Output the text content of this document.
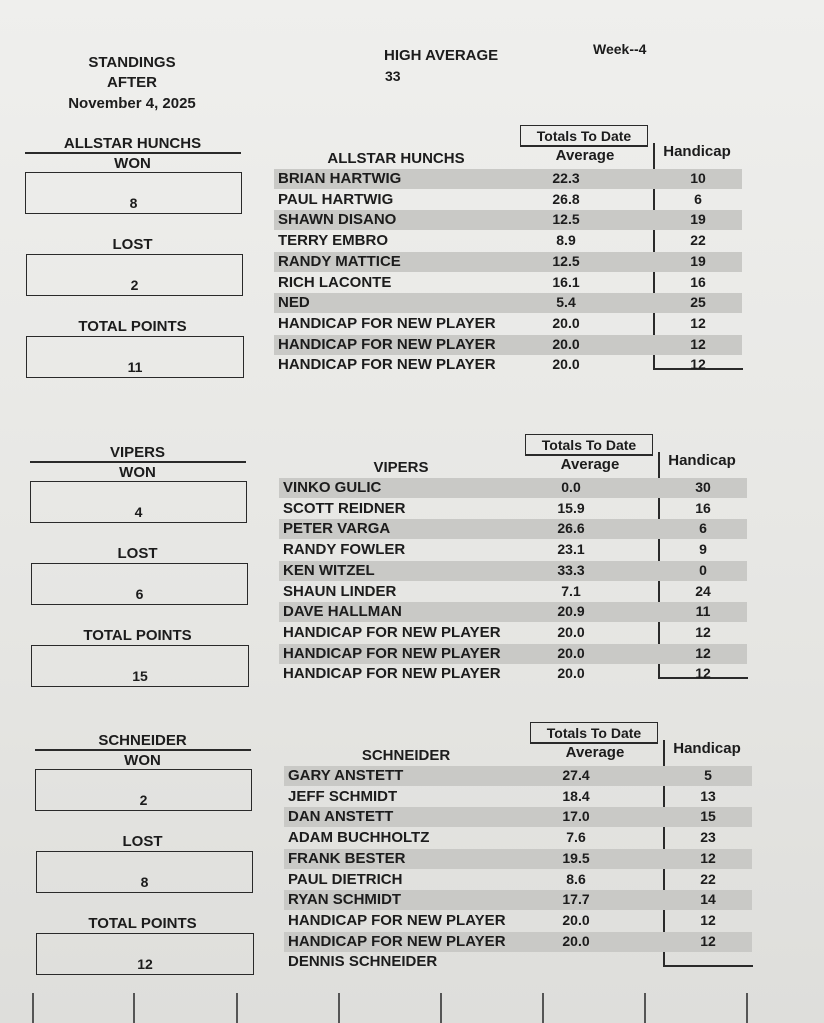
STANDINGS
AFTER
November 4, 2025
HIGH AVERAGE
33
Week--4
ALLSTAR HUNCHS
WON
8
LOST
2
TOTAL POINTS
11
Totals To Date
ALLSTAR HUNCHS	Average	Handicap
BRIAN HARTWIG	22.3	10
PAUL HARTWIG	26.8	6
SHAWN DISANO	12.5	19
TERRY EMBRO	8.9	22
RANDY MATTICE	12.5	19
RICH LACONTE	16.1	16
NED	5.4	25
HANDICAP FOR NEW PLAYER	20.0	12
HANDICAP FOR NEW PLAYER	20.0	12
HANDICAP FOR NEW PLAYER	20.0	12
VIPERS
WON
4
LOST
6
TOTAL POINTS
15
Totals To Date
VIPERS	Average	Handicap
VINKO GULIC	0.0	30
SCOTT REIDNER	15.9	16
PETER VARGA	26.6	6
RANDY FOWLER	23.1	9
KEN WITZEL	33.3	0
SHAUN LINDER	7.1	24
DAVE HALLMAN	20.9	11
HANDICAP FOR NEW PLAYER	20.0	12
HANDICAP FOR NEW PLAYER	20.0	12
HANDICAP FOR NEW PLAYER	20.0	12
SCHNEIDER
WON
2
LOST
8
TOTAL POINTS
12
Totals To Date
SCHNEIDER	Average	Handicap
GARY ANSTETT	27.4	5
JEFF SCHMIDT	18.4	13
DAN ANSTETT	17.0	15
ADAM BUCHHOLTZ	7.6	23
FRANK BESTER	19.5	12
PAUL DIETRICH	8.6	22
RYAN SCHMIDT	17.7	14
HANDICAP FOR NEW PLAYER	20.0	12
HANDICAP FOR NEW PLAYER	20.0	12
DENNIS SCHNEIDER
